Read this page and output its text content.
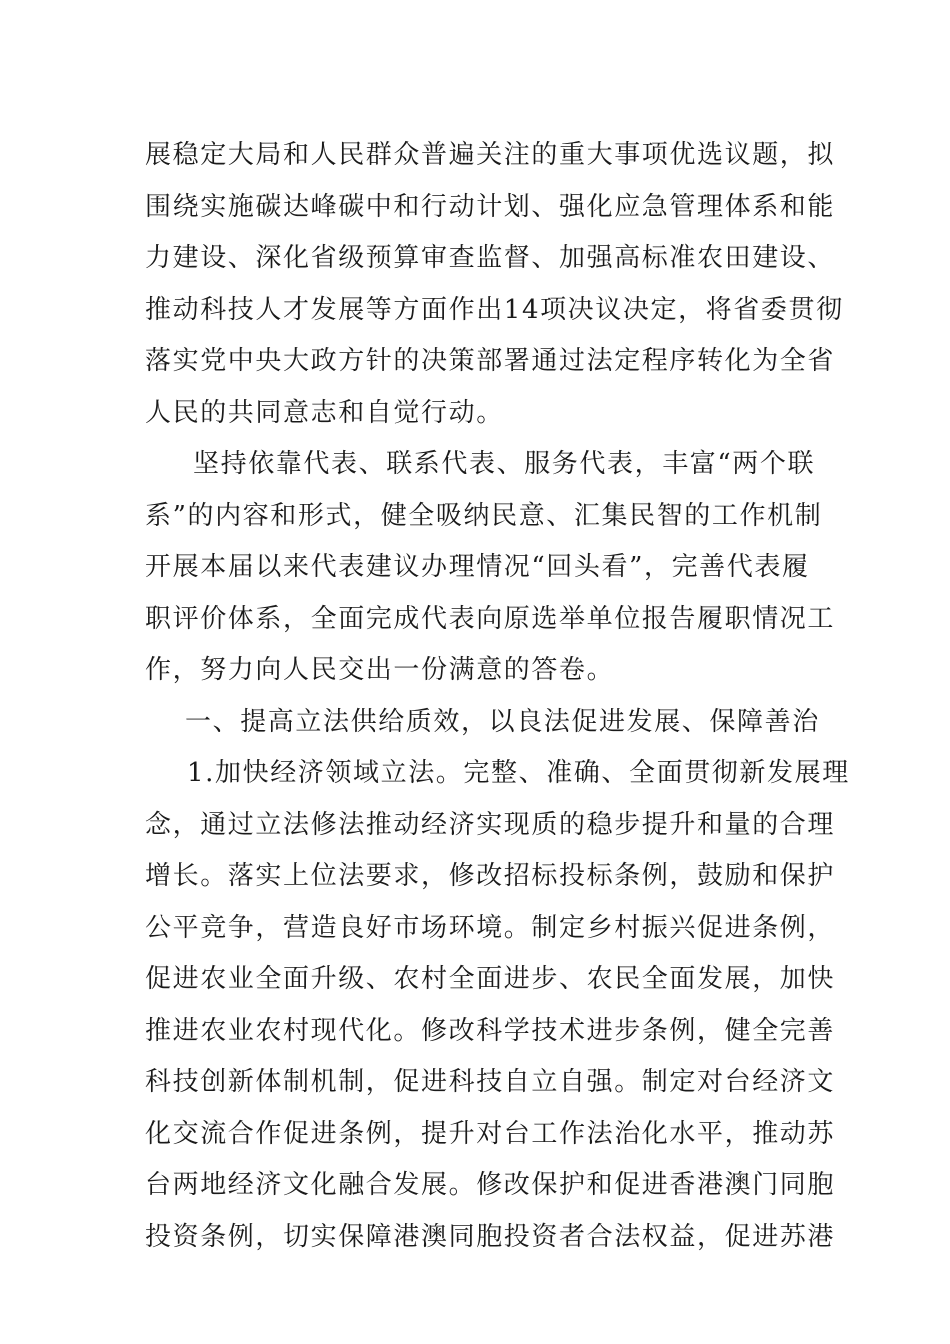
展稳定大局和人民群众普遍关注的重大事项优选议题，拟
围绕实施碳达峰碳中和行动计划、强化应急管理体系和能
力建设、深化省级预算审查监督、加强高标准农田建设、
推动科技人才发展等方面作出14项决议决定，将省委贯彻
落实党中央大政方针的决策部署通过法定程序转化为全省
人民的共同意志和自觉行动。
坚持依靠代表、联系代表、服务代表，丰富“两个联
系”的内容和形式，健全吸纳民意、汇集民智的工作机制
开展本届以来代表建议办理情况“回头看”，完善代表履
职评价体系，全面完成代表向原选举单位报告履职情况工
作，努力向人民交出一份满意的答卷。
一、提高立法供给质效，以良法促进发展、保障善治
1.加快经济领域立法。完整、准确、全面贯彻新发展理
念，通过立法修法推动经济实现质的稳步提升和量的合理
增长。落实上位法要求，修改招标投标条例，鼓励和保护
公平竞争，营造良好市场环境。制定乡村振兴促进条例，
促进农业全面升级、农村全面进步、农民全面发展，加快
推进农业农村现代化。修改科学技术进步条例，健全完善
科技创新体制机制，促进科技自立自强。制定对台经济文
化交流合作促进条例，提升对台工作法治化水平，推动苏
台两地经济文化融合发展。修改保护和促进香港澳门同胞
投资条例，切实保障港澳同胞投资者合法权益，促进苏港
